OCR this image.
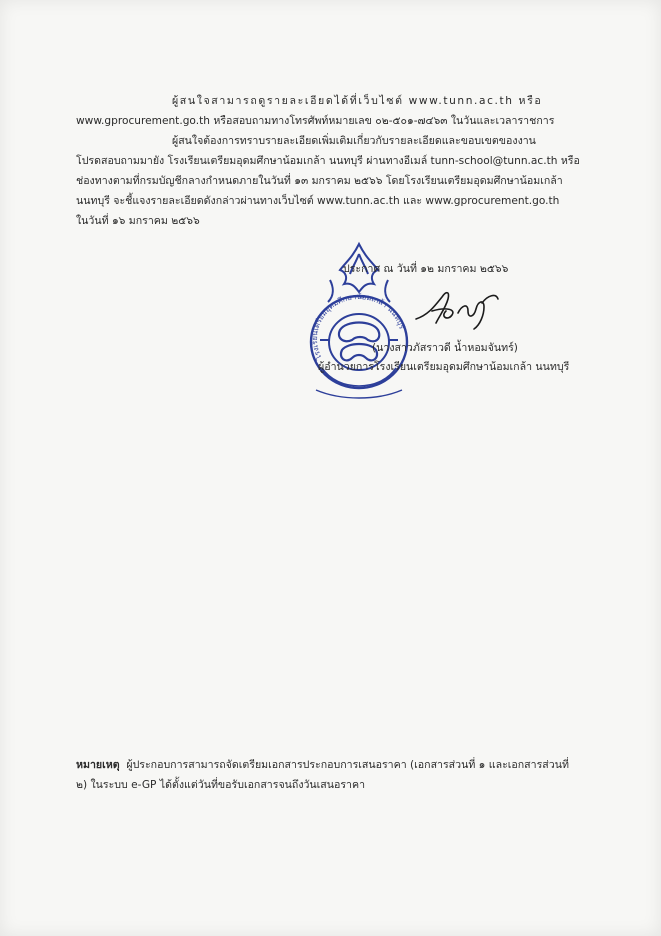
ผู้สนใจสามารถดูรายละเอียดได้ที่เว็บไซต์ www.tunn.ac.th หรือ
www.gprocurement.go.th หรือสอบถามทางโทรศัพท์หมายเลข ๐๒-๕๐๑-๗๔๖๓ ในวันและเวลาราชการ
ผู้สนใจต้องการทราบรายละเอียดเพิ่มเติมเกี่ยวกับรายละเอียดและขอบเขตของงาน
โปรดสอบถามมายัง โรงเรียนเตรียมอุดมศึกษาน้อมเกล้า นนทบุรี ผ่านทางอีเมล์ tunn-school@tunn.ac.th หรือ
ช่องทางตามที่กรมบัญชีกลางกำหนดภายในวันที่ ๑๓ มกราคม ๒๕๖๖ โดยโรงเรียนเตรียมอุดมศึกษาน้อมเกล้า
นนทบุรี จะชี้แจงรายละเอียดดังกล่าวผ่านทางเว็บไซต์ www.tunn.ac.th และ www.gprocurement.go.th
ในวันที่ ๑๖ มกราคม ๒๕๖๖
โรงเรียนเตรียมอุดมศึกษาน้อมเกล้า นนทบุรี
ประกาศ ณ วันที่ ๑๒ มกราคม ๒๕๖๖
(นางสาวภัสราวดี น้ำหอมจันทร์)
ผู้อำนวยการโรงเรียนเตรียมอุดมศึกษาน้อมเกล้า นนทบุรี
หมายเหตุ ผู้ประกอบการสามารถจัดเตรียมเอกสารประกอบการเสนอราคา (เอกสารส่วนที่ ๑ และเอกสารส่วนที่
๒) ในระบบ e-GP ได้ตั้งแต่วันที่ขอรับเอกสารจนถึงวันเสนอราคา
